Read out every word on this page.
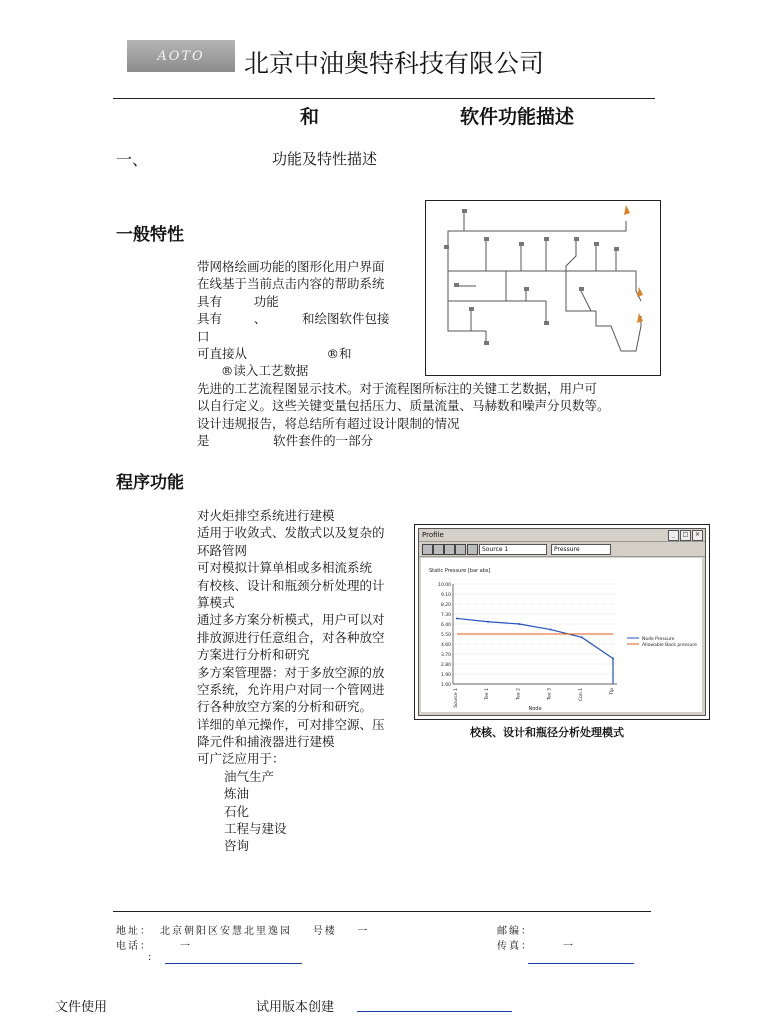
AOTO 北京中油奥特科技有限公司
和	软件功能描述
一、	功能及特性描述
一般特性
带网格绘画功能的图形化用户界面
在线基于当前点击内容的帮助系统
具有        功能
具有        、         和绘图软件包接
口
可直接从                    ®和
®读入工艺数据
先进的工艺流程图显示技术。对于流程图所标注的关键工艺数据，用户可
以自行定义。这些关键变量包括压力、质量流量、马赫数和噪声分贝数等。
设计违规报告，将总结所有超过设计限制的情况
是                软件套件的一部分
程序功能
对火炬排空系统进行建模
适用于收敛式、发散式以及复杂的
环路管网
可对模拟计算单相或多相流系统
有校核、设计和瓶颈分析处理的计
算模式
通过多方案分析模式，用户可以对
排放源进行任意组合，对各种放空
方案进行分析和研究
多方案管理器：对于多放空源的放
空系统，允许用户对同一个管网进
行各种放空方案的分析和研究。
详细的单元操作，可对排空源、压
降元件和捕液器进行建模
可广泛应用于：
油气生产
炼油
石化
工程与建设
咨询
Profile	_	□	×
Source 1	Pressure
Static Pressure [bar abs]
10.00
9.10
8.20
7.30
6.40
5.50
4.60
3.70
2.80
1.90
1.00
Source 1	Tee 1	Tee 2	Tee 3	Con 1	Tip
Node
Node Pressure
Allowable Back pressure
校核、设计和瓶径分析处理模式
地址： 北京朝阳区安慧北里逸园    号楼    一	邮编：
电话：	一	传真：	一
:
文件使用	试用版本创建
